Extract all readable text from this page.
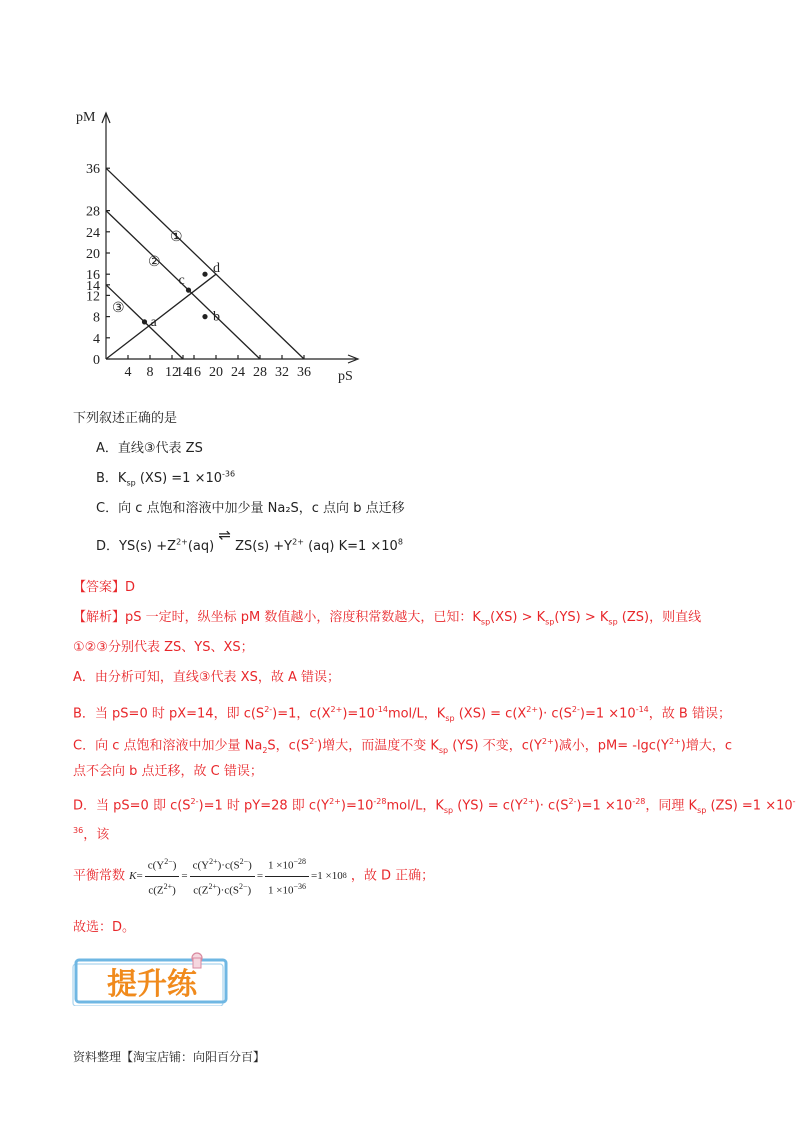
4 8 12
14
16 20 24 28 32 36
0
4
8
12
14
16
20
24
28
36
a
c
d
b
pM
pS
①
②
③
下列叙述正确的是
A．直线③代表 ZS
B．$K_{sp}$ $(XS) =1 \times 10^{-36}$
C．向 c 点饱和溶液中加少量 Na₂S，c 点向 b 点迁移
D．$YS(s) +Z^{2+}(aq)$ ⇌ $ZS(s) +Y^{2+}$ (aq) $K=1 \times 10^8$
【答案】D
【解析】pS 一定时，纵坐标 pM 数值越小，溶度积常数越大，已知：$K_{sp}(XS) > K_{sp}(YS) > K_{sp}$ (ZS)，则直线
①②③分别代表 ZS、YS、XS；
A．由分析可知，直线③代表 XS，故 A 错误；
B．当 pS=0 时 pX=14，即 $c(S^{2-})=1$，$c(X^{2+})=10^{-14}mol/L$，$K_{sp}$ $(XS) = c(X^{2+})\cdot c(S^{2-})=1 \times 10^{-14}$，故 B 错误；
C．向 c 点饱和溶液中加少量 $Na_2S$，$c(S^{2-})$增大，而温度不变 $K_{sp}$ (YS) 不变，$c(Y^{2+})$减小，$pM= -\lg c(Y^{2+})$增大，c
点不会向 b 点迁移，故 C 错误；
D．当 pS=0 即 $c(S^{2-})=1$ 时 pY=28 即 $c(Y^{2+})=10^{-28}mol/L$，$K_{sp}$ $(YS) = c(Y^{2+})\cdot c(S^{2-})=1 \times 10^{-28}$，同理 $K_{sp}$ $(ZS) =1 \times 10^{-36}$，该
平衡常数 $K = \frac{c(Y^{2-})}{c(Z^{2+})} = \frac{c(Y^{2+})\cdot c(S^{2-})}{c(Z^{2+})\cdot c(S^{2-})} = \frac{1 \times 10^{-28}}{1 \times 10^{-36}} =1 \times 10$ 8 ，故 D 正确；
故选：D。
提升练
资料整理【淘宝店铺：向阳百分百】
